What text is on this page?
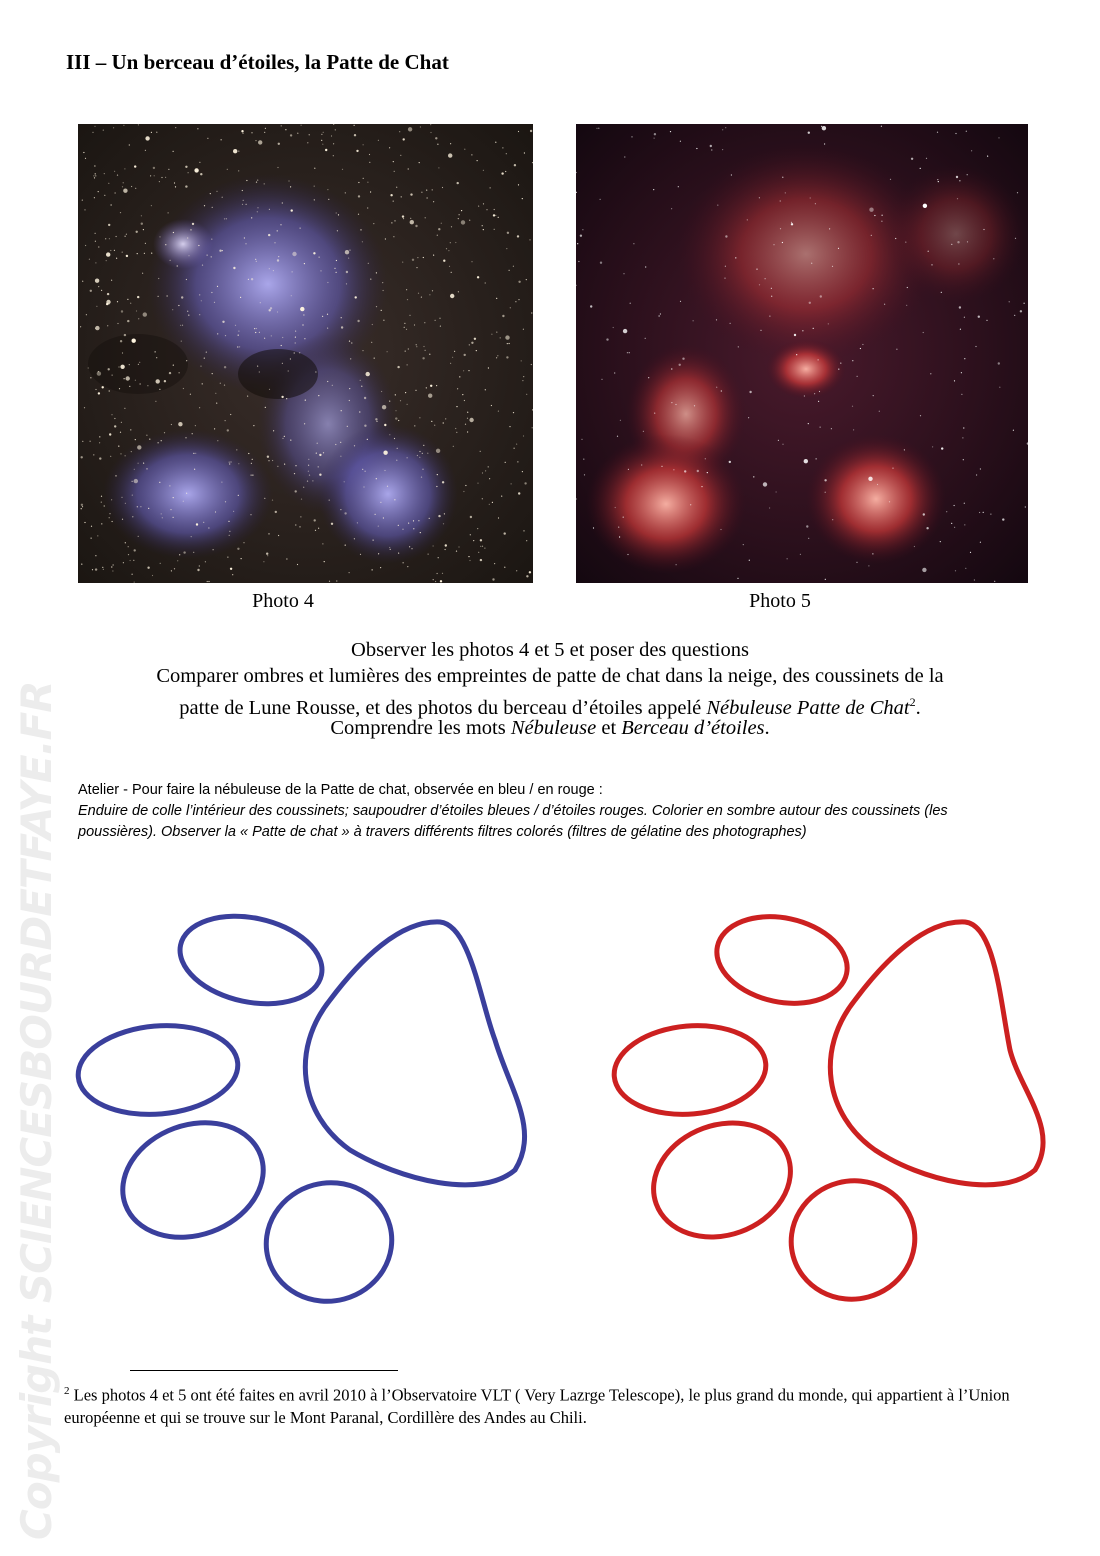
III – Un berceau d’étoiles, la Patte de Chat
Photo 4	Photo 5
Observer les photos 4 et 5 et poser des questions
Comparer ombres et lumières des empreintes de patte de chat dans la neige, des coussinets de la
patte de Lune Rousse, et des photos du berceau d’étoiles appelé Nébuleuse Patte de Chat$^2$.
Comprendre les mots Nébuleuse et Berceau d’étoiles.
Atelier - Pour faire la nébuleuse de la Patte de chat, observée en bleu / en rouge :
Enduire de colle l’intérieur des coussinets; saupoudrer d’étoiles bleues / d’étoiles rouges. Colorier en sombre autour des coussinets (les poussières). Observer la « Patte de chat » à travers différents filtres colorés (filtres de gélatine des photographes)
$^2$ Les photos 4 et 5 ont été faites en avril 2010 à l’Observatoire VLT ( Very Lazrge Telescope), le plus grand du monde, qui appartient à l’Union européenne et qui se trouve sur le Mont Paranal, Cordillère des Andes au Chili.
Copyright SCIENCESBOURDETFAYE.FR
